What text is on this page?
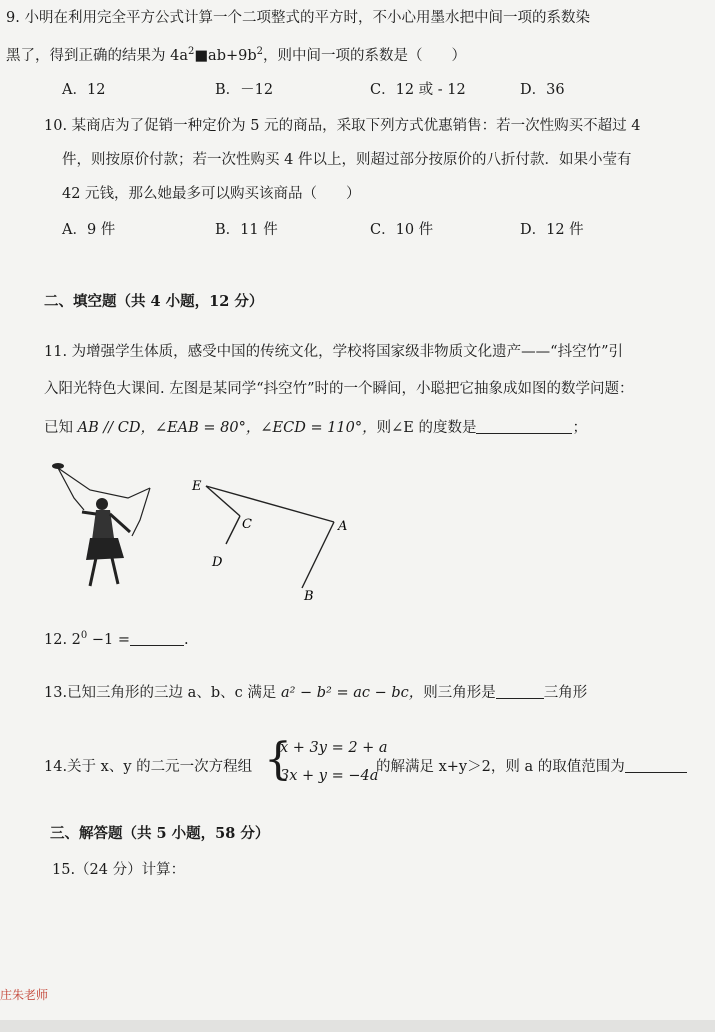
9. 小明在利用完全平方公式计算一个二项整式的平方时，不小心用墨水把中间一项的系数染
黑了，得到正确的结果为 $4a^2■ab+9b^2$，则中间一项的系数是（　　）
A．12	B．－12	C．12 或 - 12	D．36
10. 某商店为了促销一种定价为 5 元的商品，采取下列方式优惠销售：若一次性购买不超过 4
件，则按原价付款；若一次性购买 4 件以上，则超过部分按原价的八折付款．如果小莹有
42 元钱，那么她最多可以购买该商品（　　）
A．9 件	B．11 件	C．10 件	D．12 件
二、填空题（共 4 小题，12 分）
11. 为增强学生体质，感受中国的传统文化，学校将国家级非物质文化遗产——“抖空竹”引
入阳光特色大课间. 左图是某同学“抖空竹”时的一个瞬间，小聪把它抽象成如图的数学问题：
已知 AB // CD，∠EAB = 80°，∠ECD = 110°，则∠E 的度数是	；
E
C	A
D
B
12. $2^0 -1$ =	.
13.已知三角形的三边 a、b、c 满足 a² − b² = ac − bc，则三角形是	三角形
14.关于 x、y 的二元一次方程组 {
x + 3y = 2 + a
3x + y = −4a
的解满足 x+y＞2，则 a 的取值范围为
三、解答题（共 5 小题，58 分）
15.（24 分）计算：
庄朱老师
